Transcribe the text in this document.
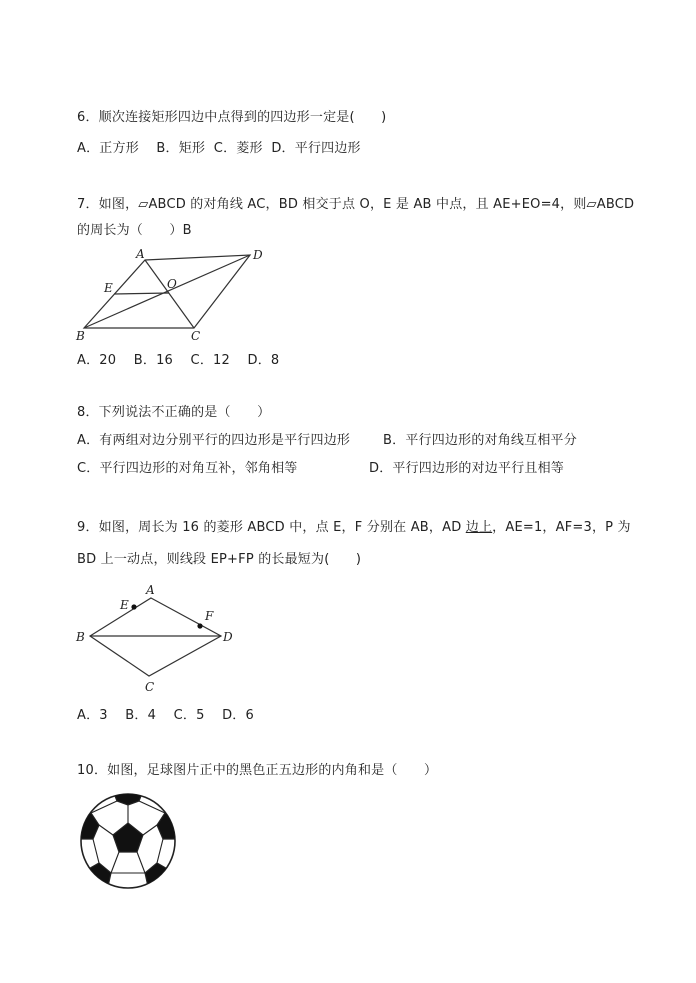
6．顺次连接矩形四边中点得到的四边形一定是(　　)
A．正方形　 B．矩形  C．菱形  D．平行四边形
7．如图，▱ABCD 的对角线 AC，BD 相交于点 O，E 是 AB 中点，且 AE+EO=4，则▱ABCD
的周长为（　　）B
A	D
E	O
B	C
A．20　 B．16　 C．12　 D．8
8．下列说法不正确的是（　　）
A．有两组对边分别平行的四边形是平行四边形	B．平行四边形的对角线互相平分
C．平行四边形的对角互补，邻角相等	D．平行四边形的对边平行且相等
9．如图，周长为 16 的菱形 ABCD 中，点 E，F 分别在 AB，AD 边上，AE=1，AF=3，P 为
BD 上一动点，则线段 EP+FP 的长最短为(　　)
A
E
F
B	D
C
A．3　 B．4　 C．5　 D．6
10．如图，足球图片正中的黑色正五边形的内角和是（　　）
